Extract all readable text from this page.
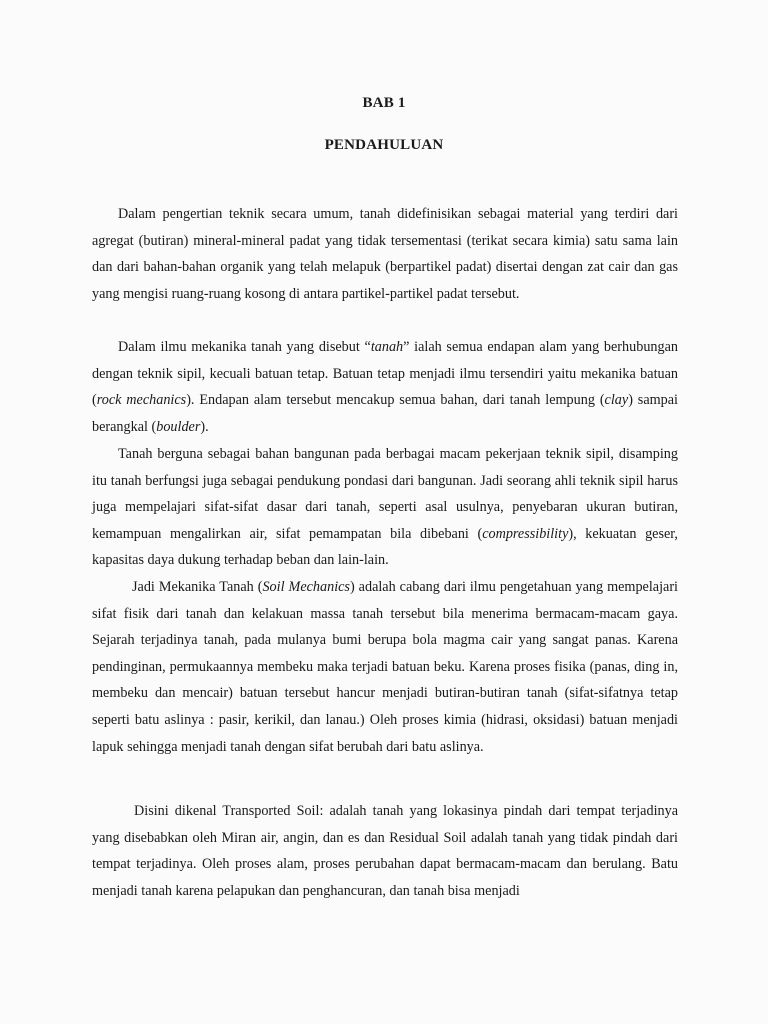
BAB 1
PENDAHULUAN

Dalam pengertian teknik secara umum, tanah didefinisikan sebagai material yang terdiri dari agregat (butiran) mineral-mineral padat yang tidak tersementasi (terikat secara kimia) satu sama lain dan dari bahan-bahan organik yang telah melapuk (berpartikel padat) disertai dengan zat cair dan gas yang mengisi ruang-ruang kosong di antara partikel-partikel padat tersebut.

Dalam ilmu mekanika tanah yang disebut “tanah” ialah semua endapan alam yang berhubungan dengan teknik sipil, kecuali batuan tetap. Batuan tetap menjadi ilmu tersendiri yaitu mekanika batuan (rock mechanics). Endapan alam tersebut mencakup semua bahan, dari tanah lempung (clay) sampai berangkal (boulder).

Tanah berguna sebagai bahan bangunan pada berbagai macam pekerjaan teknik sipil, disamping itu tanah berfungsi juga sebagai pendukung pondasi dari bangunan. Jadi seorang ahli teknik sipil harus juga mempelajari sifat-sifat dasar dari tanah, seperti asal usulnya, penyebaran ukuran butiran, kemampuan mengalirkan air, sifat pemampatan bila dibebani (compressibility), kekuatan geser, kapasitas daya dukung terhadap beban dan lain-lain.

Jadi Mekanika Tanah (Soil Mechanics) adalah cabang dari ilmu pengetahuan yang mempelajari sifat fisik dari tanah dan kelakuan massa tanah tersebut bila menerima bermacam-macam gaya. Sejarah terjadinya tanah, pada mulanya bumi berupa bola magma cair yang sangat panas. Karena pendinginan, permukaannya membeku maka terjadi batuan beku. Karena proses fisika (panas, ding in, membeku dan mencair) batuan tersebut hancur menjadi butiran-butiran tanah (sifat-sifatnya tetap seperti batu aslinya : pasir, kerikil, dan lanau.) Oleh proses kimia (hidrasi, oksidasi) batuan menjadi lapuk sehingga menjadi tanah dengan sifat berubah dari batu aslinya.

Disini dikenal Transported Soil: adalah tanah yang lokasinya pindah dari tempat terjadinya yang disebabkan oleh Miran air, angin, dan es dan Residual Soil adalah tanah yang tidak pindah dari tempat terjadinya. Oleh proses alam, proses perubahan dapat bermacam-macam dan berulang. Batu menjadi tanah karena pelapukan dan penghancuran, dan tanah bisa menjadi
